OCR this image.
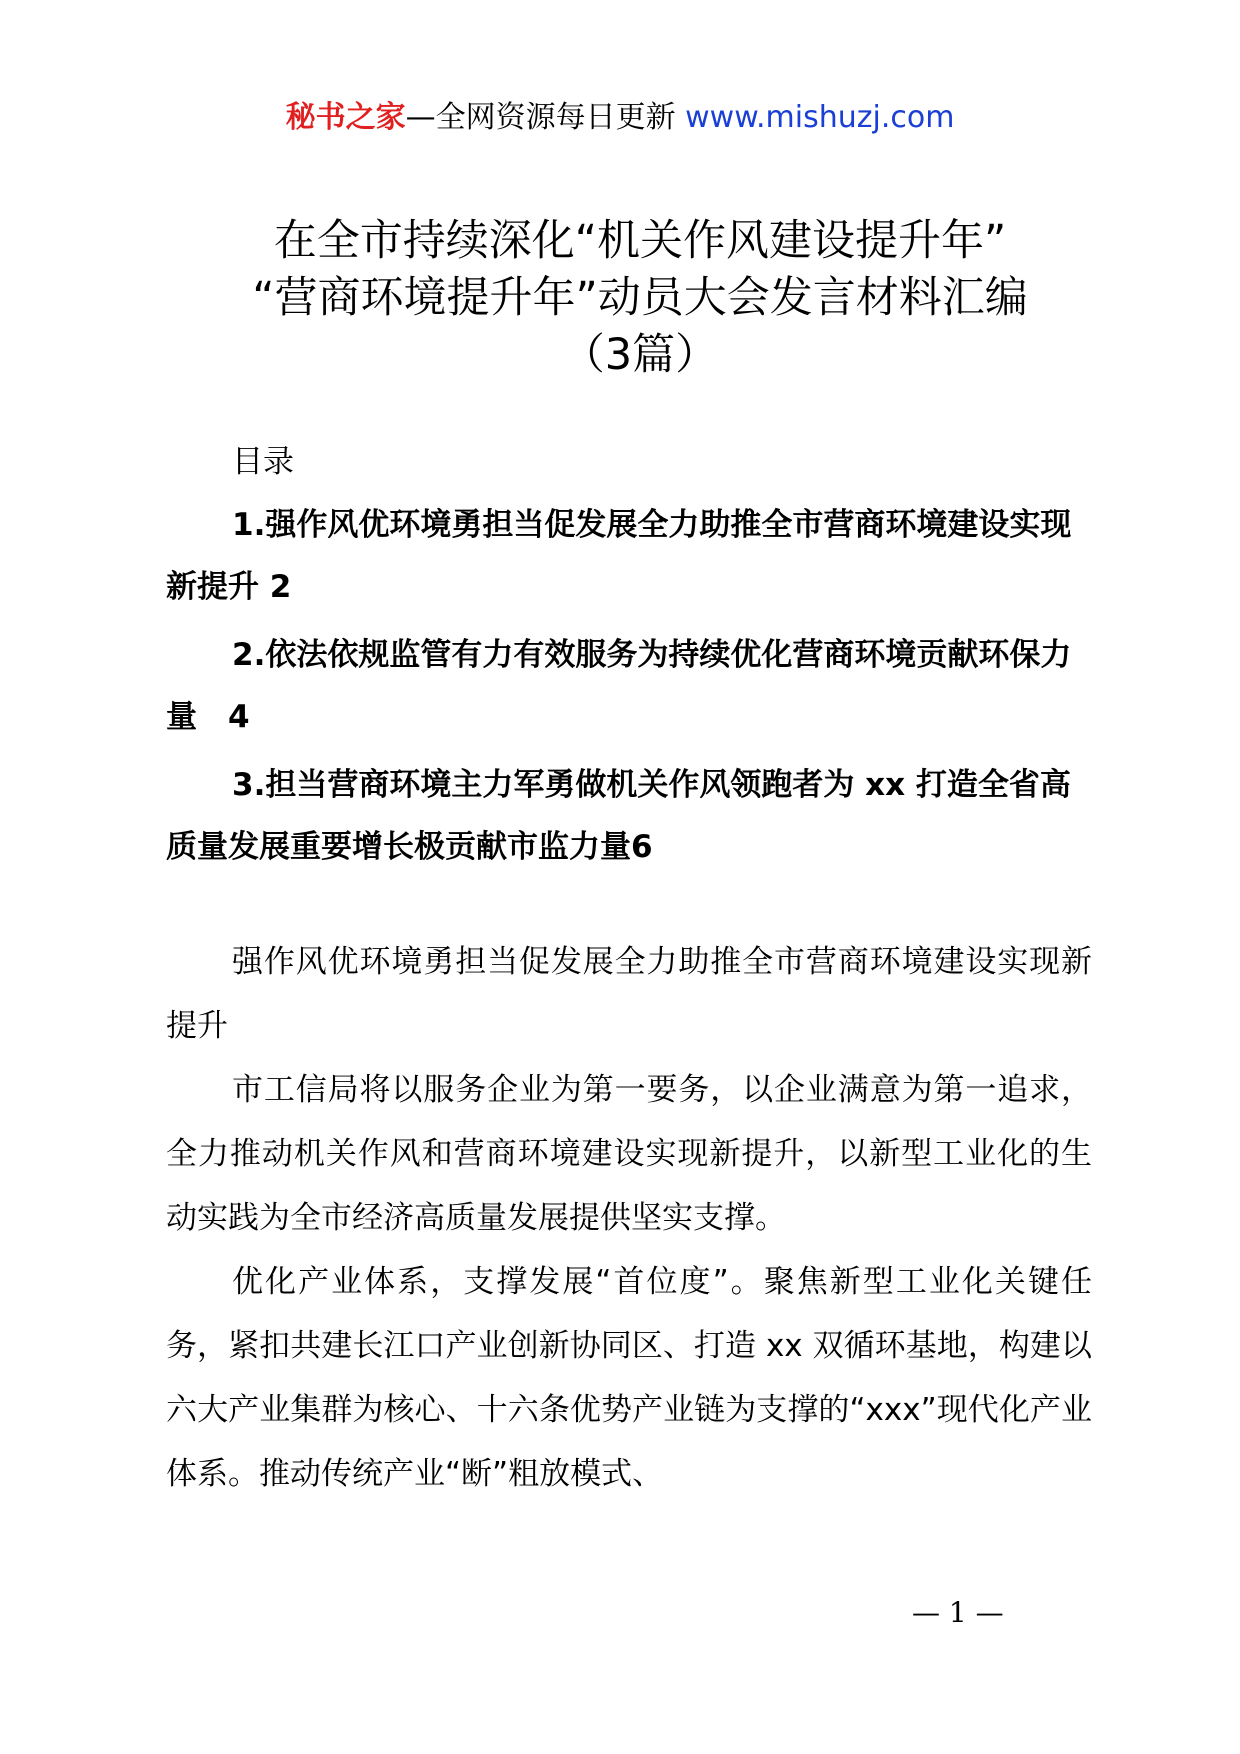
秘书之家—全网资源每日更新 www.mishuzj.com
在全市持续深化“机关作风建设提升年”
“营商环境提升年”动员大会发言材料汇编
（3篇）
目录
1.强作风优环境勇担当促发展全力助推全市营商环境建设实现新提升 2
2.依法依规监管有力有效服务为持续优化营商环境贡献环保力量　4
3.担当营商环境主力军勇做机关作风领跑者为 xx 打造全省高质量发展重要增长极贡献市监力量6

强作风优环境勇担当促发展全力助推全市营商环境建设实现新提升

市工信局将以服务企业为第一要务，以企业满意为第一追求，全力推动机关作风和营商环境建设实现新提升，以新型工业化的生动实践为全市经济高质量发展提供坚实支撑。

优化产业体系，支撑发展“首位度”。聚焦新型工业化关键任务，紧扣共建长江口产业创新协同区、打造 xx 双循环基地，构建以六大产业集群为核心、十六条优势产业链为支撑的“xxx”现代化产业体系。推动传统产业“断”粗放模式、

— 1 —
